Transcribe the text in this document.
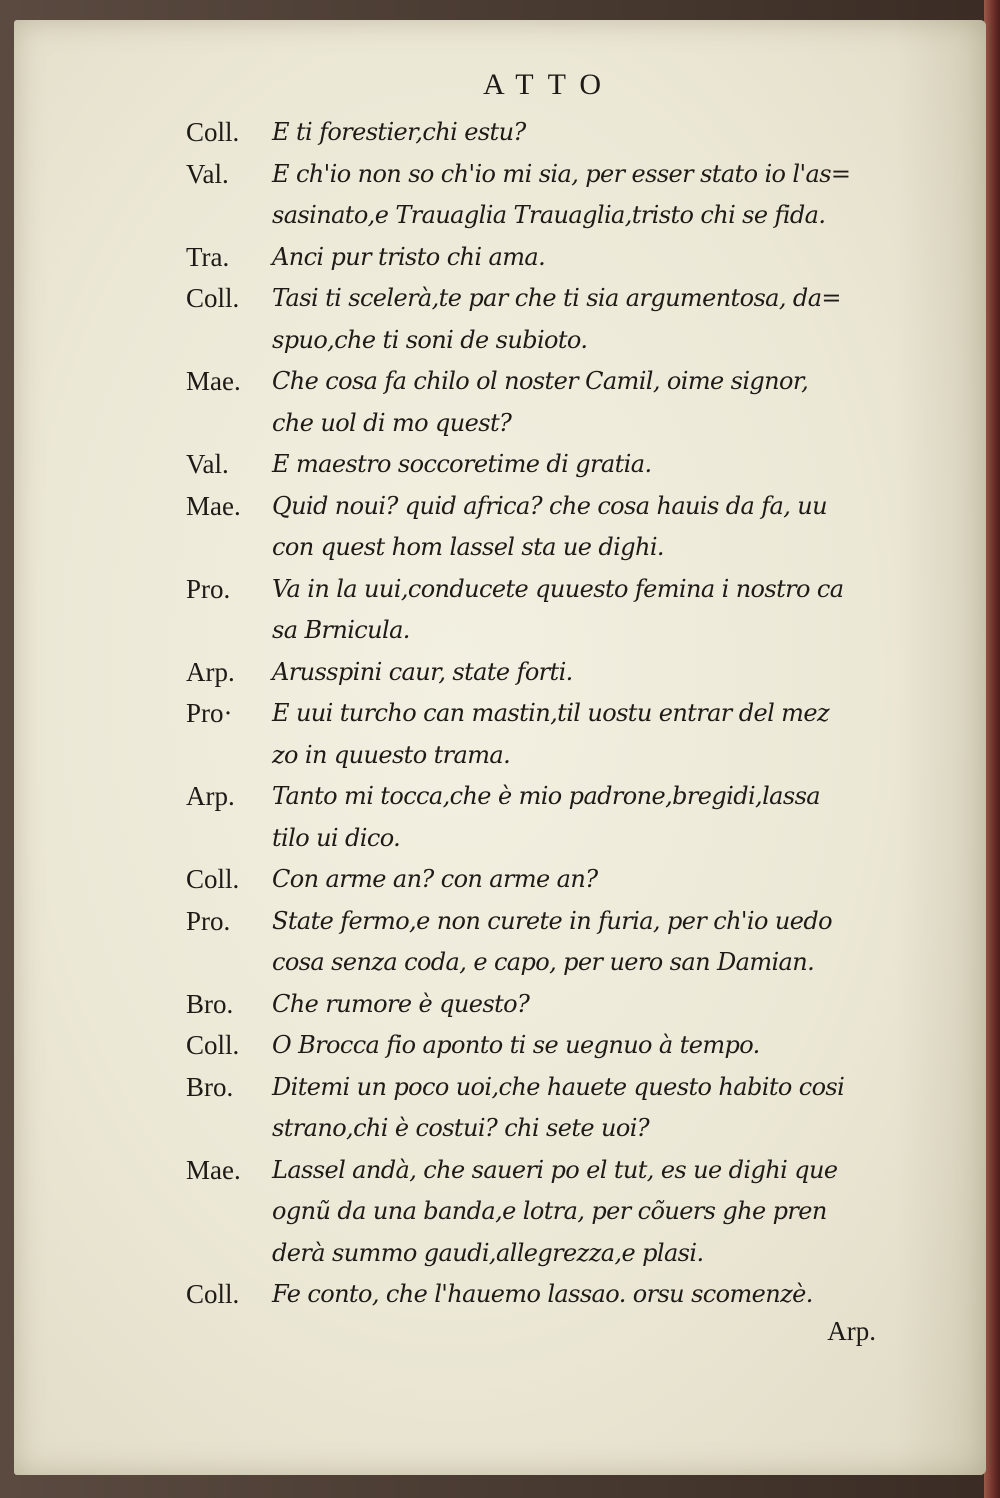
ATTO
Coll.	E ti forestier,chi estu?
Val.	E ch'io non so ch'io mi sia, per esser stato io l'as=
sasinato,e Trauaglia Trauaglia,tristo chi se fida.
Tra.	Anci pur tristo chi ama.
Coll.	Tasi ti scelerà,te par che ti sia argumentosa, da=
spuo,che ti soni de subioto.
Mae.	Che cosa fa chilo ol noster Camil, oime signor,
che uol di mo quest?
Val.	E maestro soccoretime di gratia.
Mae.	Quid noui? quid africa? che cosa hauis da fa, uu
con quest hom lassel sta ue dighi.
Pro.	Va in la uui,conducete quuesto femina i nostro ca
sa Brnicula.
Arp.	Arusspini caur, state forti.
Pro·	E uui turcho can mastin,til uostu entrar del mez
zo in quuesto trama.
Arp.	Tanto mi tocca,che è mio padrone,bregidi,lassa
tilo ui dico.
Coll.	Con arme an? con arme an?
Pro.	State fermo,e non curete in furia, per ch'io uedo
cosa senza coda, e capo, per uero san Damian.
Bro.	Che rumore è questo?
Coll.	O Brocca fio aponto ti se uegnuo à tempo.
Bro.	Ditemi un poco uoi,che hauete questo habito cosi
strano,chi è costui? chi sete uoi?
Mae.	Lassel andà, che saueri po el tut, es ue dighi que
ognũ da una banda,e lotra, per cõuers ghe pren
derà summo gaudi,allegrezza,e plasi.
Coll.	Fe conto, che l'hauemo lassao. orsu scomenzè.
Arp.
